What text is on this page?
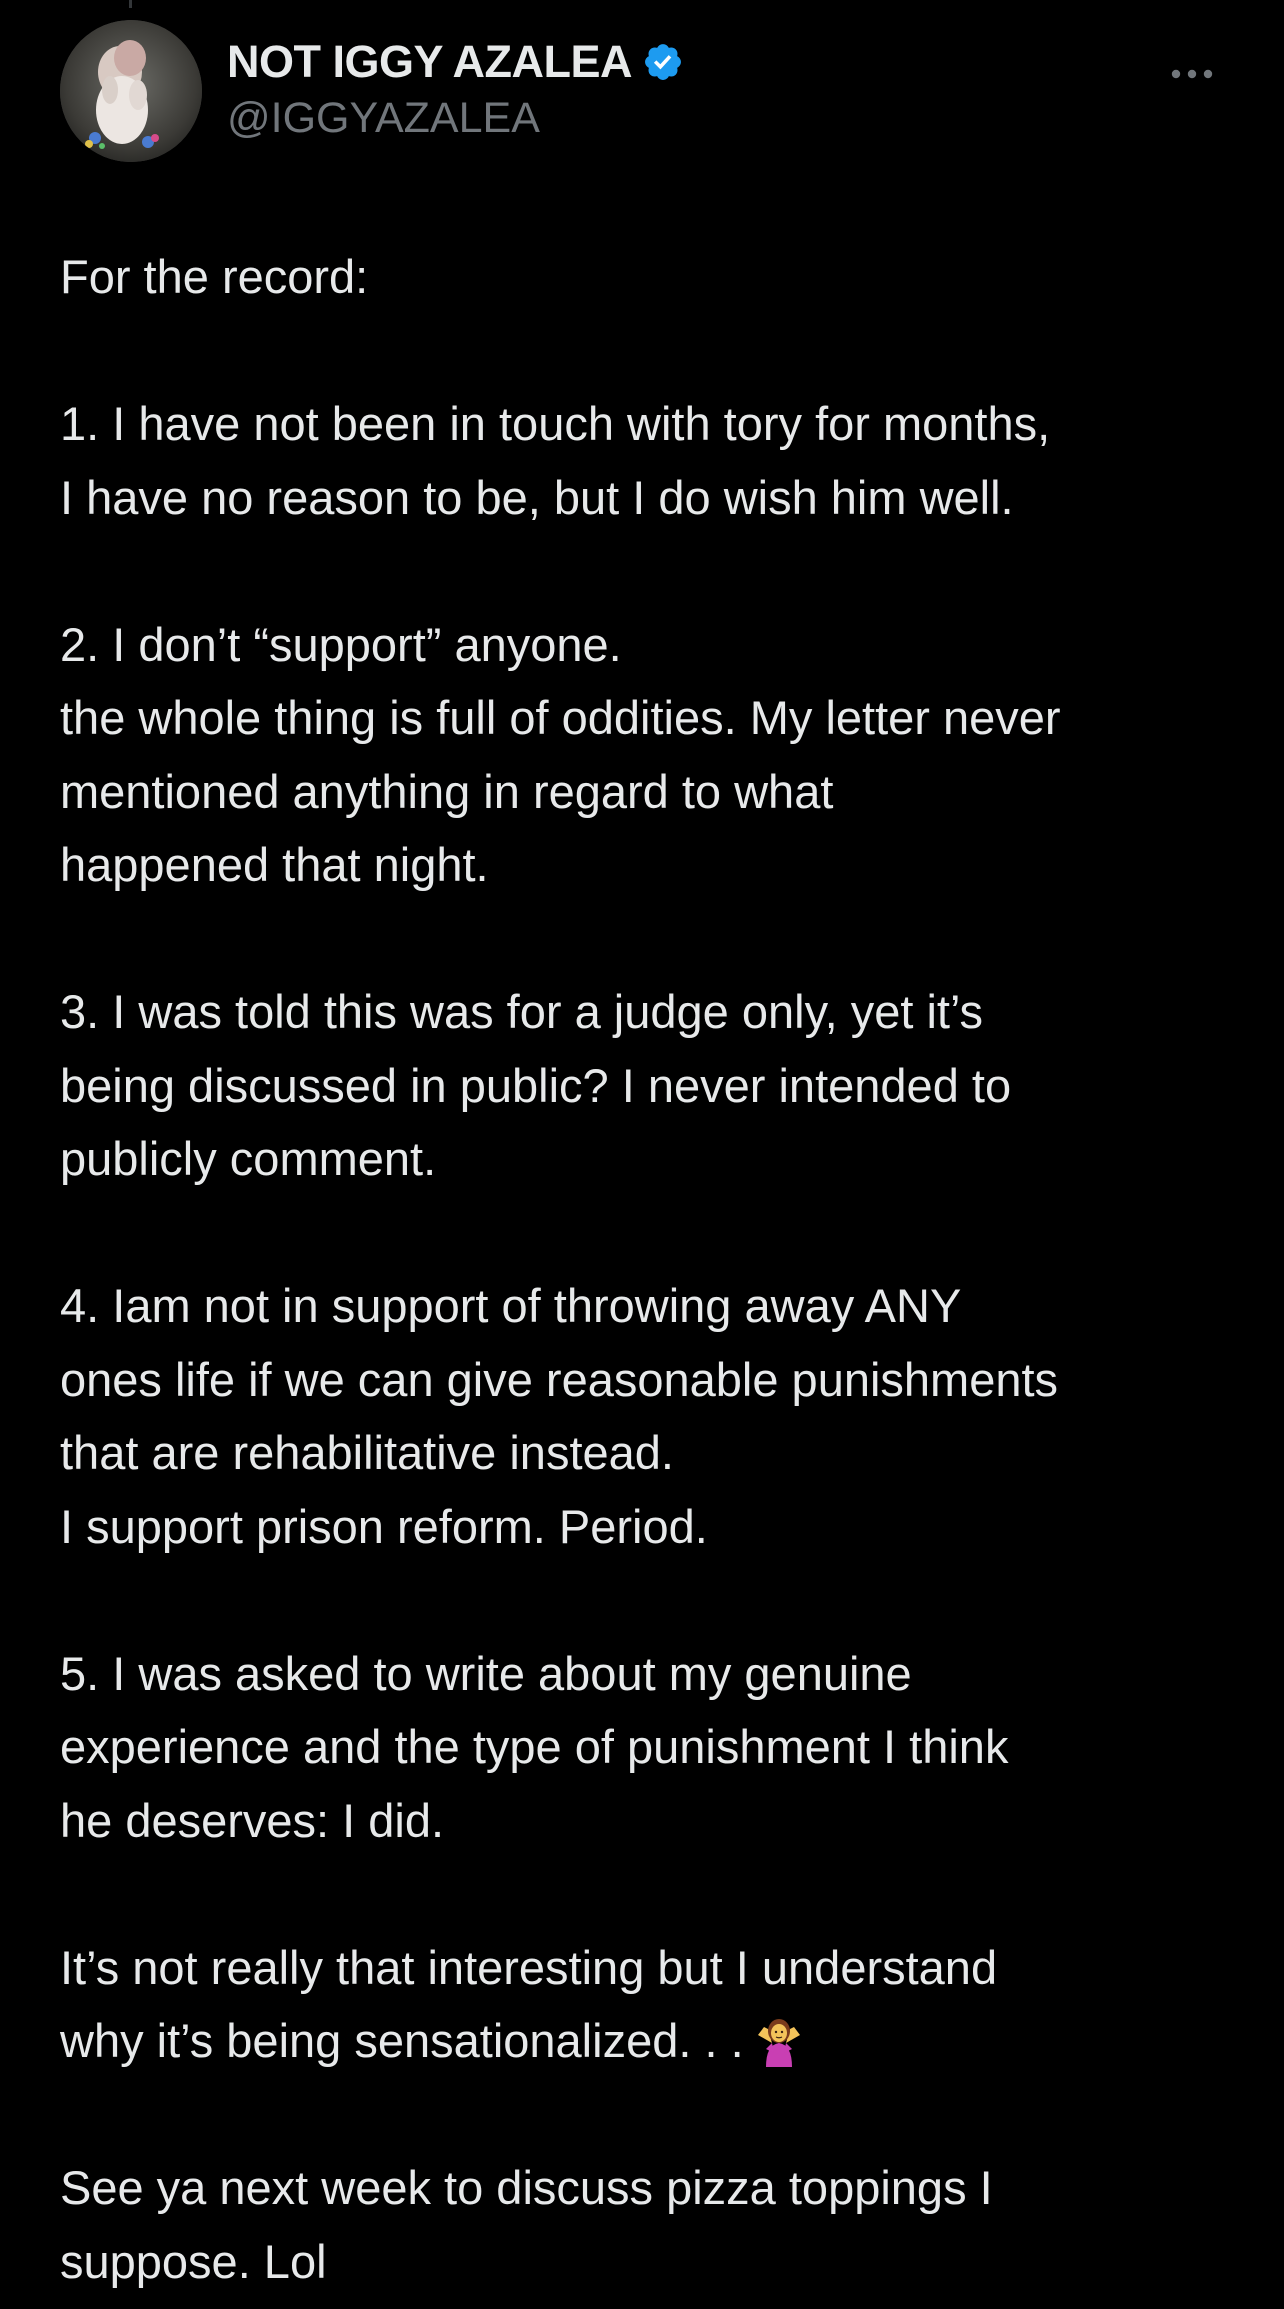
NOT IGGY AZALEA
@IGGYAZALEA
For the record:
1. I have not been in touch with tory for months,
I have no reason to be, but I do wish him well.
2. I don’t “support” anyone.
the whole thing is full of oddities. My letter never
mentioned anything in regard to what
happened that night.
3. I was told this was for a judge only, yet it’s
being discussed in public? I never intended to
publicly comment.
4. Iam not in support of throwing away ANY
ones life if we can give reasonable punishments
that are rehabilitative instead.
I support prison reform. Period.
5. I was asked to write about my genuine
experience and the type of punishment I think
he deserves: I did.
It’s not really that interesting but I understand
why it’s being sensationalized. . .
See ya next week to discuss pizza toppings I
suppose. Lol
